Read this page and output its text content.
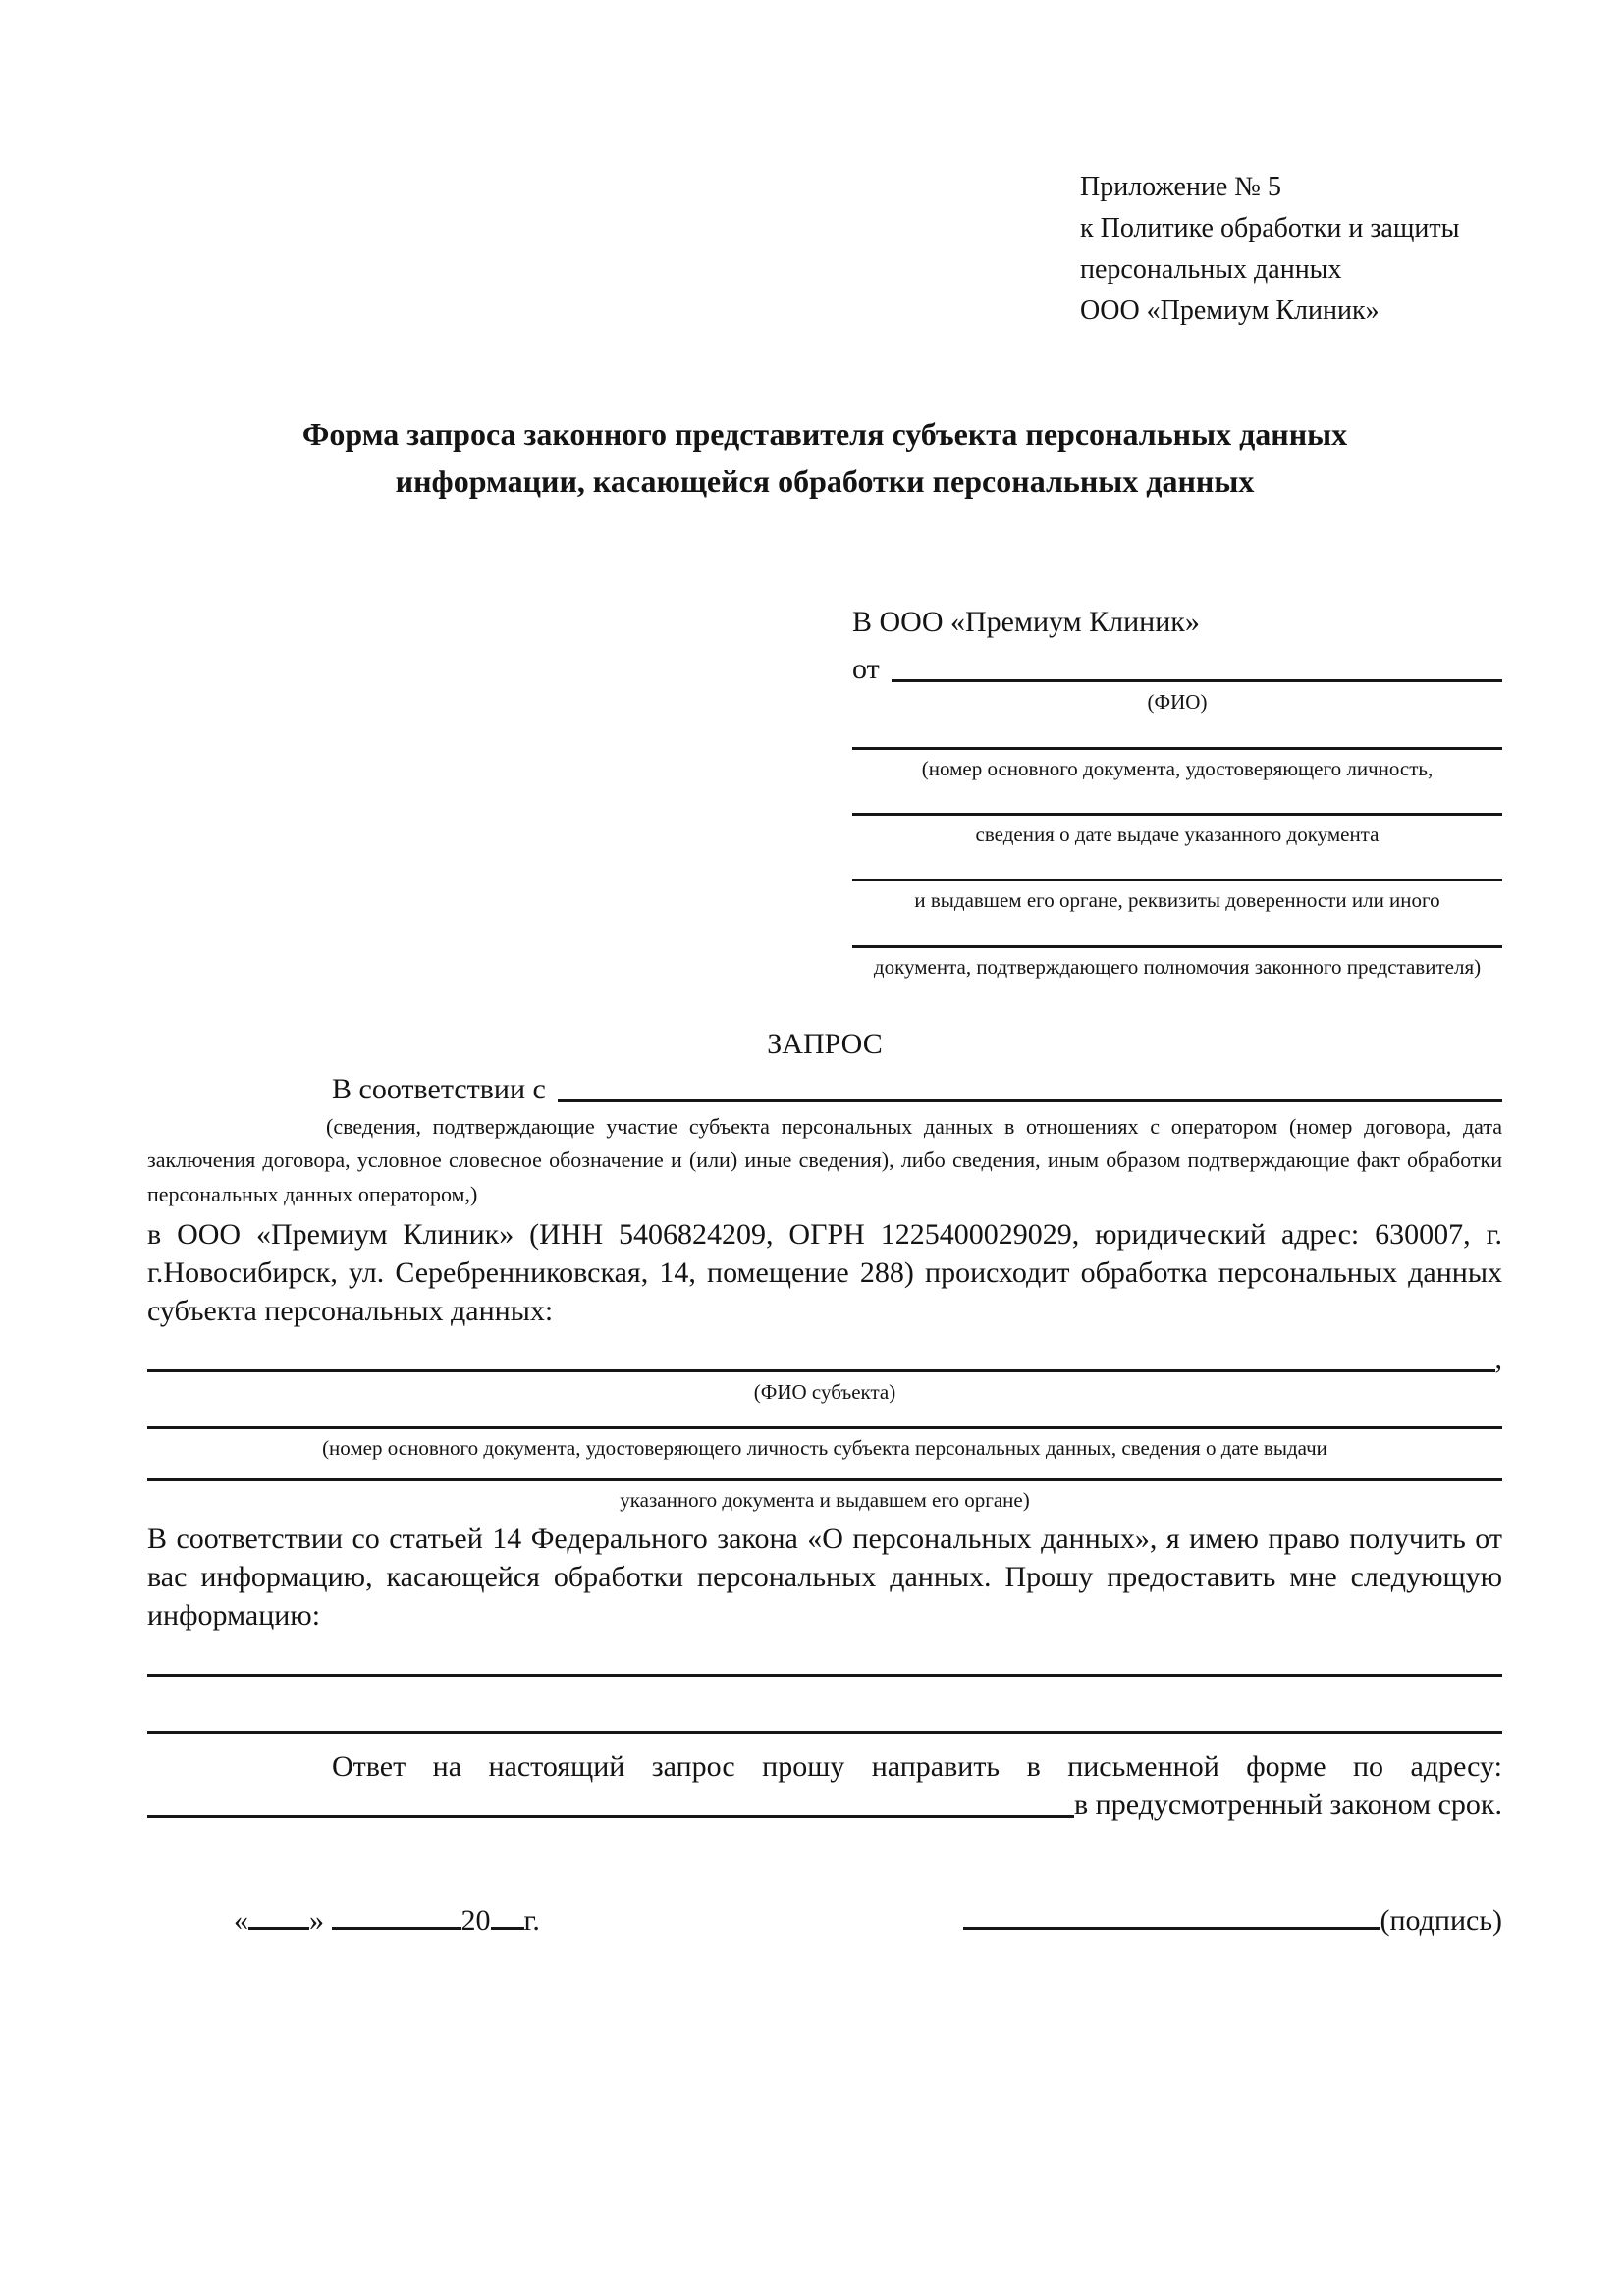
Приложение № 5
к Политике обработки и защиты
персональных данных
ООО «Премиум Клиник»
Форма запроса законного представителя субъекта персональных данных информации, касающейся обработки персональных данных
В ООО «Премиум Клиник»
от
(ФИО)
(номер основного документа, удостоверяющего личность,
сведения о дате выдаче указанного документа
и выдавшем его органе, реквизиты доверенности или иного
документа, подтверждающего полномочия законного представителя)
ЗАПРОС
В соответствии с

(сведения, подтверждающие участие субъекта персональных данных в отношениях с оператором (номер договора, дата заключения договора, условное словесное обозначение и (или) иные сведения), либо сведения, иным образом подтверждающие факт обработки персональных данных оператором,)

в ООО «Премиум Клиник» (ИНН 5406824209, ОГРН 1225400029029, юридический адрес: 630007, г. г.Новосибирск, ул. Серебренниковская, 14, помещение 288) происходит обработка персональных данных субъекта персональных данных:

,
(ФИО субъекта)
(номер основного документа, удостоверяющего личность субъекта персональных данных, сведения о дате выдачи
указанного документа и выдавшем его органе)

В соответствии со статьей 14 Федерального закона «О персональных данных», я имею право получить от вас информацию, касающейся обработки персональных данных. Прошу предоставить мне следующую информацию:

Ответ на настоящий запрос прошу направить в письменной форме по адресу:

в предусмотренный законом срок.
« »	20 г.	(подпись)
